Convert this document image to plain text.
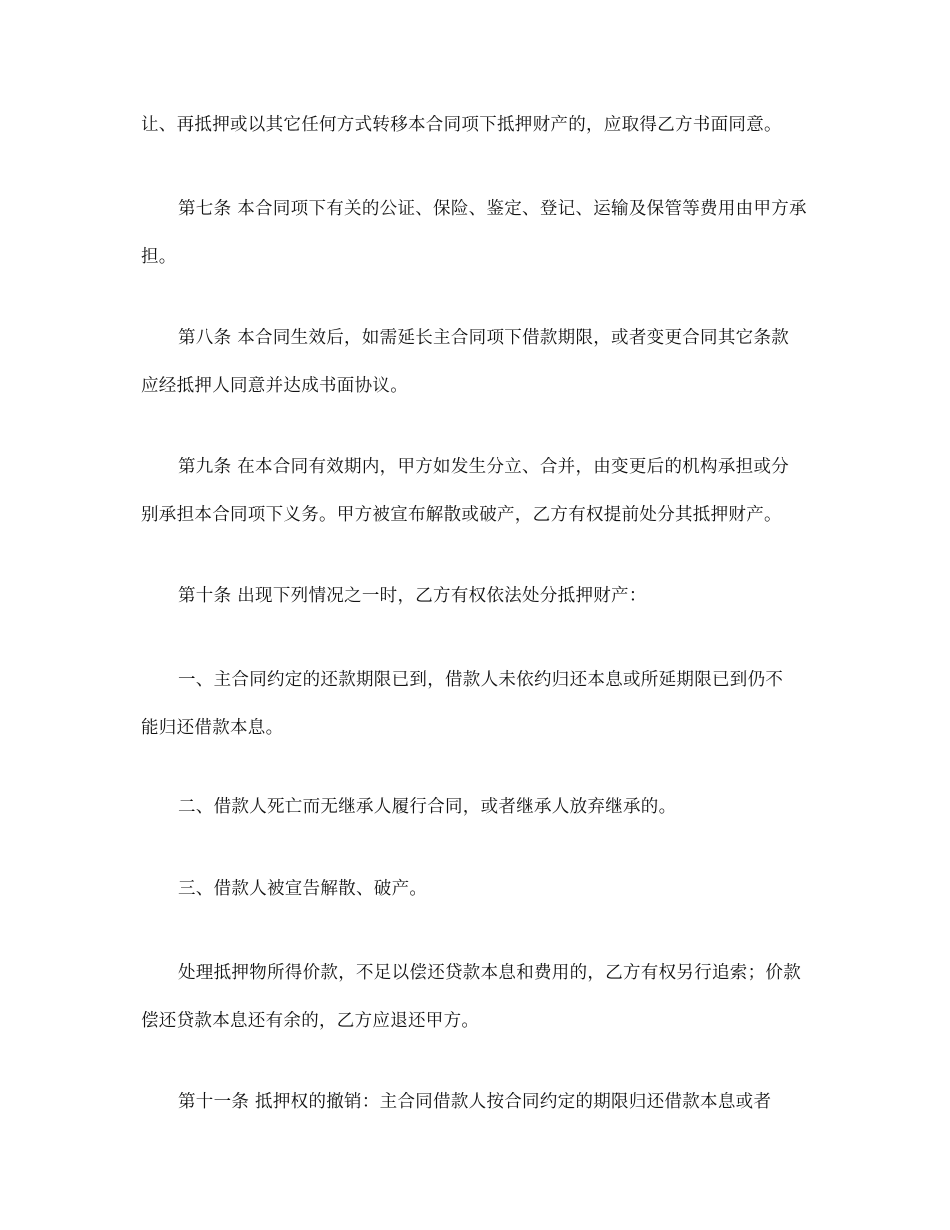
让、再抵押或以其它任何方式转移本合同项下抵押财产的，应取得乙方书面同意。

第七条 本合同项下有关的公证、保险、鉴定、登记、运输及保管等费用由甲方承
担。

第八条 本合同生效后，如需延长主合同项下借款期限，或者变更合同其它条款
应经抵押人同意并达成书面协议。

第九条 在本合同有效期内，甲方如发生分立、合并，由变更后的机构承担或分
别承担本合同项下义务。甲方被宣布解散或破产，乙方有权提前处分其抵押财产。

第十条 出现下列情况之一时，乙方有权依法处分抵押财产：

一、主合同约定的还款期限已到，借款人未依约归还本息或所延期限已到仍不
能归还借款本息。

二、借款人死亡而无继承人履行合同，或者继承人放弃继承的。

三、借款人被宣告解散、破产。

处理抵押物所得价款，不足以偿还贷款本息和费用的，乙方有权另行追索；价款
偿还贷款本息还有余的，乙方应退还甲方。

第十一条 抵押权的撤销：主合同借款人按合同约定的期限归还借款本息或者
